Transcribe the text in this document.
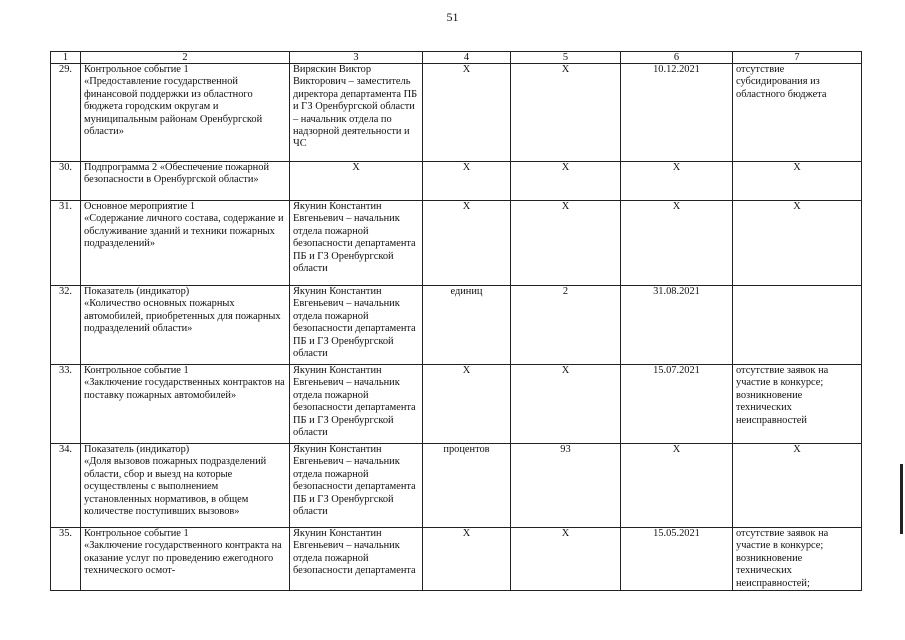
51
1	2	3	4	5	6	7
29.	Контрольное событие 1
«Предоставление государственной финансовой поддержки из областного бюджета городским округам и муниципальным районам Оренбургской области»	Виряскин Виктор Викторович – заместитель директора департамента ПБ и ГЗ Оренбургской области – начальник отдела по надзорной деятельности и ЧС	X	X	10.12.2021	отсутствие субсидирования из областного бюджета
30.	Подпрограмма 2 «Обеспечение пожарной безопасности в Оренбургской области»	X	X	X	X	X
31.	Основное мероприятие 1
«Содержание личного состава, содержание и обслуживание зданий и техники пожарных подразделений»	Якунин Константин Евгеньевич – начальник отдела пожарной безопасности департамента ПБ и ГЗ Оренбургской области	X	X	X	X
32.	Показатель (индикатор)
«Количество основных пожарных автомобилей, приобретенных для пожарных подразделений области»	Якунин Константин Евгеньевич – начальник отдела пожарной безопасности департамента ПБ и ГЗ Оренбургской области	единиц	2	31.08.2021	
33.	Контрольное событие 1
«Заключение государственных контрактов на поставку пожарных автомобилей»	Якунин Константин Евгеньевич – начальник отдела пожарной безопасности департамента ПБ и ГЗ Оренбургской области	X	X	15.07.2021	отсутствие заявок на участие в конкурсе;
возникновение технических неисправностей
34.	Показатель (индикатор)
«Доля вызовов пожарных подразделений области, сбор и выезд на которые осуществлены с выполнением установленных нормативов, в общем количестве поступивших вызовов»	Якунин Константин Евгеньевич – начальник отдела пожарной безопасности департамента ПБ и ГЗ Оренбургской области	процентов	93	X	X
35.	Контрольное событие 1
«Заключение государственного контракта на оказание услуг по проведению ежегодного технического осмот-	Якунин Константин Евгеньевич – начальник отдела пожарной безопасности департамента	X	X	15.05.2021	отсутствие заявок на участие в конкурсе;
возникновение технических неисправностей;
